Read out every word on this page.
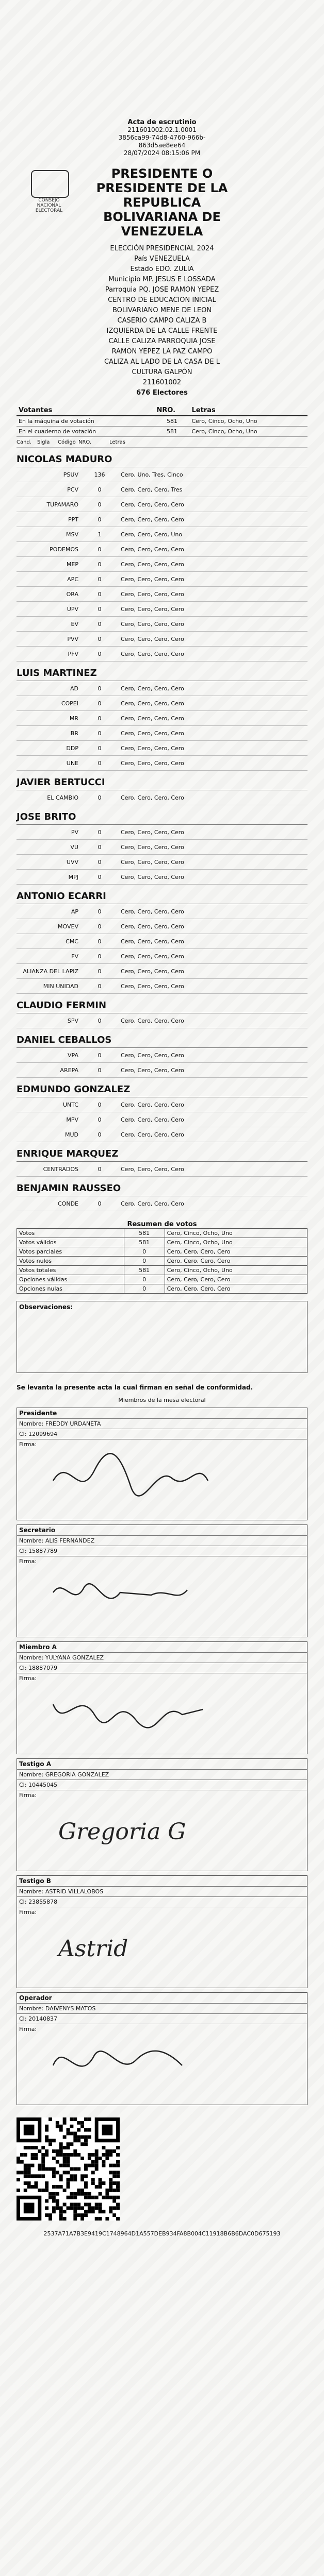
CONSEJO NACIONAL ELECTORAL
Acta de escrutinio
211601002.02.1.0001
3856ca99-74d8-4760-966b-
863d5ae8ee64
28/07/2024 08:15:06 PM
PRESIDENTE O
PRESIDENTE DE LA
REPUBLICA
BOLIVARIANA DE
VENEZUELA
ELECCIÓN PRESIDENCIAL 2024
País VENEZUELA
Estado EDO. ZULIA
Municipio MP. JESUS E LOSSADA
Parroquia PQ. JOSE RAMON YEPEZ
CENTRO DE EDUCACION INICIAL
BOLIVARIANO MENE DE LEON
CASERIO CAMPO CALIZA B
IZQUIERDA DE LA CALLE FRENTE
CALLE CALIZA PARROQUIA JOSE
RAMON YEPEZ LA PAZ CAMPO
CALIZA AL LADO DE LA CASA DE L
CULTURA GALPÓN
211601002
676 Electores
Votantes	NRO.	Letras
En la máquina de votación	581	Cero, Cinco, Ocho, Uno
En el cuaderno de votación	581	Cero, Cinco, Ocho, Uno
Cand.	Sigla	Código NRO.	Letras
NICOLAS MADURO
PSUV	136	Cero, Uno, Tres, Cinco
PCV	0	Cero, Cero, Cero, Tres
TUPAMARO	0	Cero, Cero, Cero, Cero
PPT	0	Cero, Cero, Cero, Cero
MSV	1	Cero, Cero, Cero, Uno
PODEMOS	0	Cero, Cero, Cero, Cero
MEP	0	Cero, Cero, Cero, Cero
APC	0	Cero, Cero, Cero, Cero
ORA	0	Cero, Cero, Cero, Cero
UPV	0	Cero, Cero, Cero, Cero
EV	0	Cero, Cero, Cero, Cero
PVV	0	Cero, Cero, Cero, Cero
PFV	0	Cero, Cero, Cero, Cero
LUIS MARTINEZ
AD	0	Cero, Cero, Cero, Cero
COPEI	0	Cero, Cero, Cero, Cero
MR	0	Cero, Cero, Cero, Cero
BR	0	Cero, Cero, Cero, Cero
DDP	0	Cero, Cero, Cero, Cero
UNE	0	Cero, Cero, Cero, Cero
JAVIER BERTUCCI
EL CAMBIO	0	Cero, Cero, Cero, Cero
JOSE BRITO
PV	0	Cero, Cero, Cero, Cero
VU	0	Cero, Cero, Cero, Cero
UVV	0	Cero, Cero, Cero, Cero
MPJ	0	Cero, Cero, Cero, Cero
ANTONIO ECARRI
AP	0	Cero, Cero, Cero, Cero
MOVEV	0	Cero, Cero, Cero, Cero
CMC	0	Cero, Cero, Cero, Cero
FV	0	Cero, Cero, Cero, Cero
ALIANZA DEL LAPIZ	0	Cero, Cero, Cero, Cero
MIN UNIDAD	0	Cero, Cero, Cero, Cero
CLAUDIO FERMIN
SPV	0	Cero, Cero, Cero, Cero
DANIEL CEBALLOS
VPA	0	Cero, Cero, Cero, Cero
AREPA	0	Cero, Cero, Cero, Cero
EDMUNDO GONZALEZ
UNTC	0	Cero, Cero, Cero, Cero
MPV	0	Cero, Cero, Cero, Cero
MUD	0	Cero, Cero, Cero, Cero
ENRIQUE MARQUEZ
CENTRADOS	0	Cero, Cero, Cero, Cero
BENJAMIN RAUSSEO
CONDE	0	Cero, Cero, Cero, Cero
Resumen de votos
Votos	581	Cero, Cinco, Ocho, Uno
Votos válidos	581	Cero, Cinco, Ocho, Uno
Votos parciales	0	Cero, Cero, Cero, Cero
Votos nulos	0	Cero, Cero, Cero, Cero
Votos totales	581	Cero, Cinco, Ocho, Uno
Opciones válidas	0	Cero, Cero, Cero, Cero
Opciones nulas	0	Cero, Cero, Cero, Cero
Observaciones:
Se levanta la presente acta la cual firman en señal de conformidad.
Miembros de la mesa electoral
Presidente
Nombre: FREDDY URDANETA
CI: 12099694
Firma:
Secretario
Nombre: ALIS FERNANDEZ
CI: 15887789
Firma:
Miembro A
Nombre: YULYANA GONZALEZ
CI: 18887079
Firma:
Testigo A
Nombre: GREGORIA GONZALEZ
CI: 10445045
Firma:
Gregoria G
Testigo B
Nombre: ASTRID VILLALOBOS
CI: 23855878
Firma:
Astrid
Operador
Nombre: DAIVENYS MATOS
CI: 20140837
Firma:
2537A71A7B3E9419C1748964D1A557DEB934FA8B004C11918B6B6DAC0D675193
